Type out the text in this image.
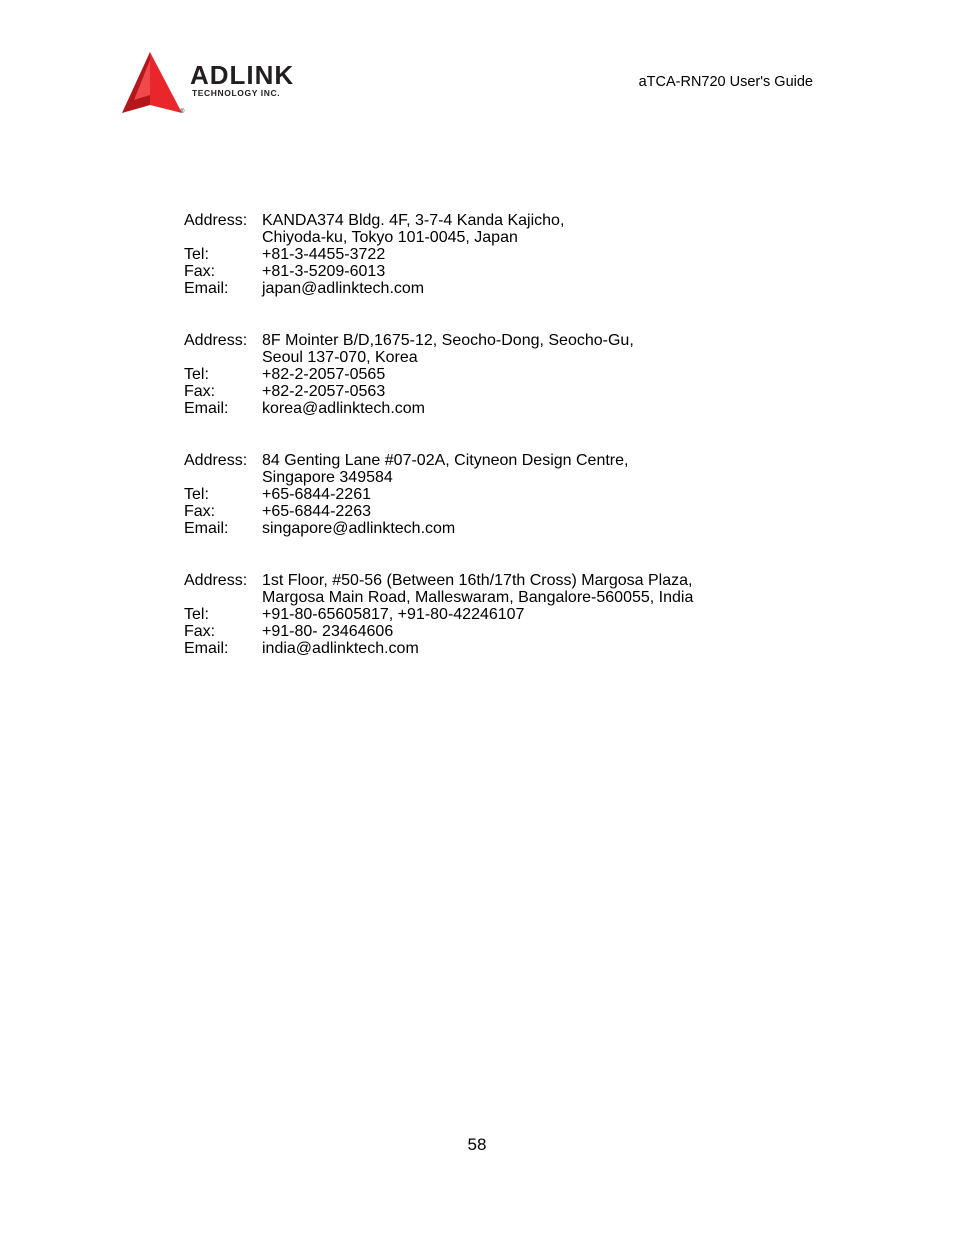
ADLINK
TECHNOLOGY INC.
®
aTCA-RN720 User's Guide
Address: KANDA374 Bldg. 4F, 3-7-4 Kanda Kajicho,
Chiyoda-ku, Tokyo 101-0045, Japan
Tel:	+81-3-4455-3722
Fax:	+81-3-5209-6013
Email:	japan@adlinktech.com
Address: 8F Mointer B/D,1675-12, Seocho-Dong, Seocho-Gu,
Seoul 137-070, Korea
Tel:	+82-2-2057-0565
Fax:	+82-2-2057-0563
Email:	korea@adlinktech.com
Address: 84 Genting Lane #07-02A, Cityneon Design Centre,
Singapore 349584
Tel:	+65-6844-2261
Fax:	+65-6844-2263
Email:	singapore@adlinktech.com
Address: 1st Floor, #50-56 (Between 16th/17th Cross) Margosa Plaza,
Margosa Main Road, Malleswaram, Bangalore-560055, India
Tel:	+91-80-65605817, +91-80-42246107
Fax:	+91-80- 23464606
Email:	india@adlinktech.com
58
